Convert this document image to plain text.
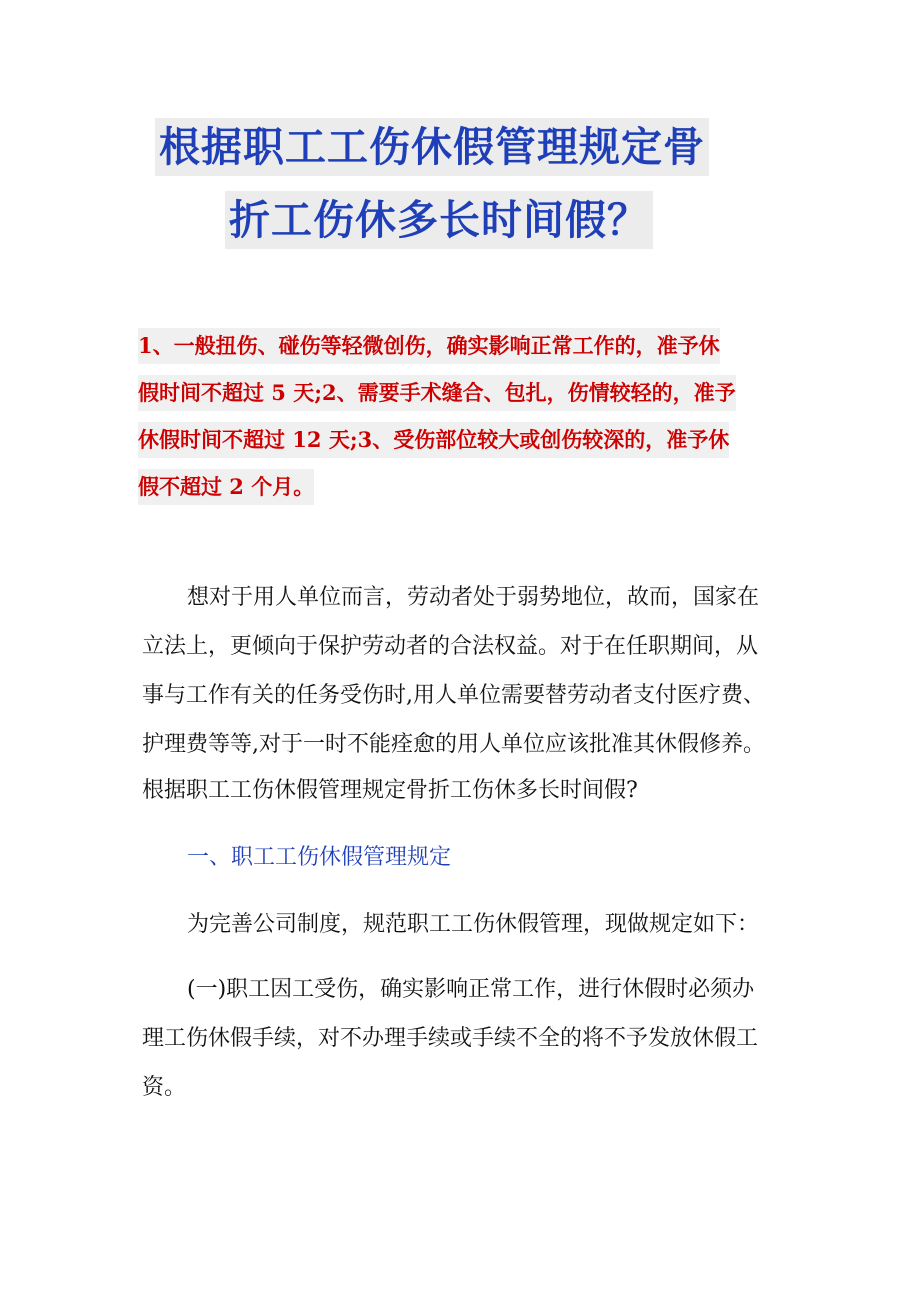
根据职工工伤休假管理规定骨
折工伤休多长时间假？
1、一般扭伤、碰伤等轻微创伤，确实影响正常工作的，准予休
假时间不超过 5 天;2、需要手术缝合、包扎，伤情较轻的，准予
休假时间不超过 12 天;3、受伤部位较大或创伤较深的，准予休
假不超过 2 个月。
想对于用人单位而言，劳动者处于弱势地位，故而，国家在
立法上，更倾向于保护劳动者的合法权益。对于在任职期间，从
事与工作有关的任务受伤时,用人单位需要替劳动者支付医疗费、
护理费等等,对于一时不能痊愈的用人单位应该批准其休假修养。
根据职工工伤休假管理规定骨折工伤休多长时间假?
一、职工工伤休假管理规定
为完善公司制度，规范职工工伤休假管理，现做规定如下：
(一)职工因工受伤，确实影响正常工作，进行休假时必须办
理工伤休假手续，对不办理手续或手续不全的将不予发放休假工
资。
